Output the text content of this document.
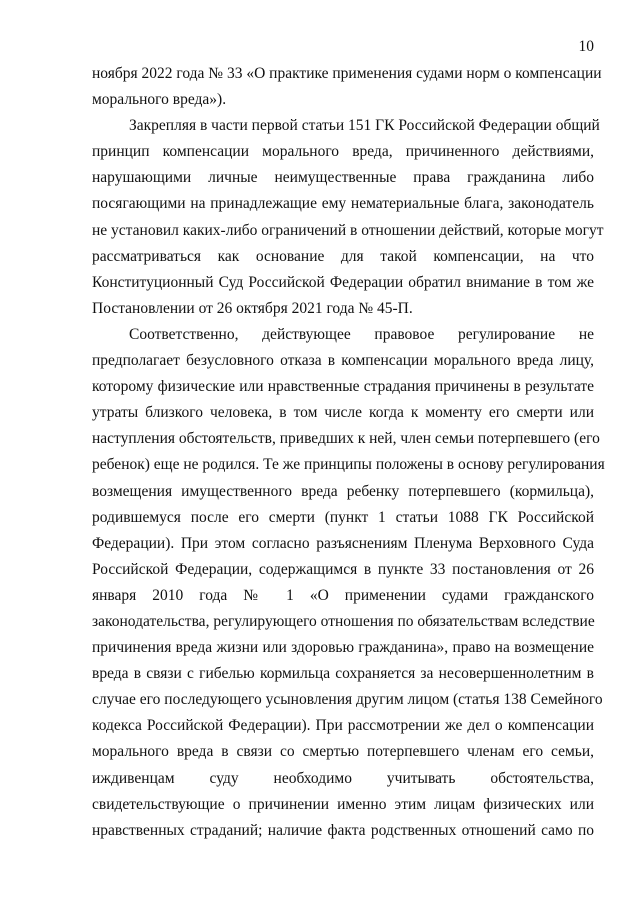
10
ноября 2022 года № 33 «О практике применения судами норм о компенсации
морального вреда»).
Закрепляя в части первой статьи 151 ГК Российской Федерации общий
принцип компенсации морального вреда, причиненного действиями,
нарушающими личные неимущественные права гражданина либо
посягающими на принадлежащие ему нематериальные блага, законодатель
не установил каких-либо ограничений в отношении действий, которые могут
рассматриваться как основание для такой компенсации, на что
Конституционный Суд Российской Федерации обратил внимание в том же
Постановлении от 26 октября 2021 года № 45-П.
Соответственно, действующее правовое регулирование не
предполагает безусловного отказа в компенсации морального вреда лицу,
которому физические или нравственные страдания причинены в результате
утраты близкого человека, в том числе когда к моменту его смерти или
наступления обстоятельств, приведших к ней, член семьи потерпевшего (его
ребенок) еще не родился. Те же принципы положены в основу регулирования
возмещения имущественного вреда ребенку потерпевшего (кормильца),
родившемуся после его смерти (пункт 1 статьи 1088 ГК Российской
Федерации). При этом согласно разъяснениям Пленума Верховного Суда
Российской Федерации, содержащимся в пункте 33 постановления от 26
января 2010 года № 1 «О применении судами гражданского
законодательства, регулирующего отношения по обязательствам вследствие
причинения вреда жизни или здоровью гражданина», право на возмещение
вреда в связи с гибелью кормильца сохраняется за несовершеннолетним в
случае его последующего усыновления другим лицом (статья 138 Семейного
кодекса Российской Федерации). При рассмотрении же дел о компенсации
морального вреда в связи со смертью потерпевшего членам его семьи,
иждивенцам суду необходимо учитывать обстоятельства,
свидетельствующие о причинении именно этим лицам физических или
нравственных страданий; наличие факта родственных отношений само по
